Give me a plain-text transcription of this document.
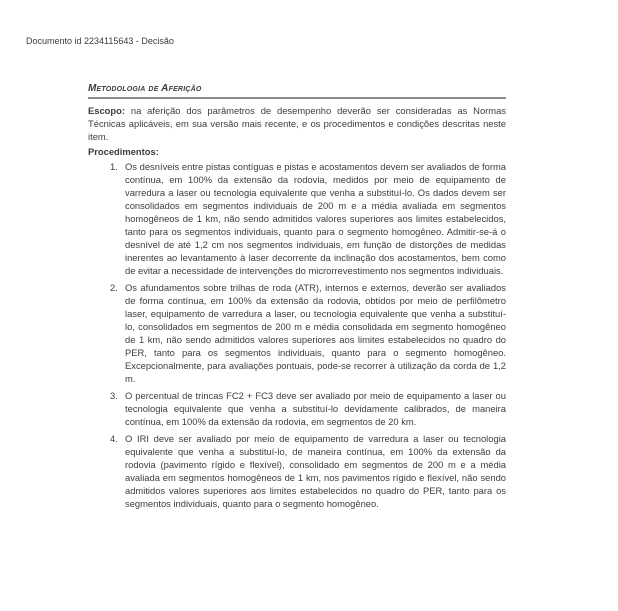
Documento id 2234115643 - Decisão
Metodologia de Aferição

Escopo: na aferição dos parâmetros de desempenho deverão ser consideradas as Normas Técnicas aplicáveis, em sua versão mais recente, e os procedimentos e condições descritas neste item.

Procedimentos:

1. Os desníveis entre pistas contíguas e pistas e acostamentos devem ser avaliados de forma contínua, em 100% da extensão da rodovia, medidos por meio de equipamento de varredura a laser ou tecnologia equivalente que venha a substituí-lo. Os dados devem ser consolidados em segmentos individuais de 200 m e a média avaliada em segmentos homogêneos de 1 km, não sendo admitidos valores superiores aos limites estabelecidos, tanto para os segmentos individuais, quanto para o segmento homogêneo. Admitir-se-á o desnível de até 1,2 cm nos segmentos individuais, em função de distorções de medidas inerentes ao levantamento à laser decorrente da inclinação dos acostamentos, bem como de evitar a necessidade de intervenções do microrrevestimento nos segmentos individuais.
2. Os afundamentos sobre trilhas de roda (ATR), internos e externos, deverão ser avaliados de forma contínua, em 100% da extensão da rodovia, obtidos por meio de perfilômetro laser, equipamento de varredura a laser, ou tecnologia equivalente que venha a substituí-lo, consolidados em segmentos de 200 m e média consolidada em segmento homogêneo de 1 km, não sendo admitidos valores superiores aos limites estabelecidos no quadro do PER, tanto para os segmentos individuais, quanto para o segmento homogêneo. Excepcionalmente, para avaliações pontuais, pode-se recorrer à utilização da corda de 1,2 m.
3. O percentual de trincas FC2 + FC3 deve ser avaliado por meio de equipamento a laser ou tecnologia equivalente que venha a substituí-lo devidamente calibrados, de maneira contínua, em 100% da extensão da rodovia, em segmentos de 20 km.
4. O IRI deve ser avaliado por meio de equipamento de varredura a laser ou tecnologia equivalente que venha a substituí-lo, de maneira contínua, em 100% da extensão da rodovia (pavimento rígido e flexível), consolidado em segmentos de 200 m e a média avaliada em segmentos homogêneos de 1 km, nos pavimentos rígido e flexível, não sendo admitidos valores superiores aos limites estabelecidos no quadro do PER, tanto para os segmentos individuais, quanto para o segmento homogêneo.
